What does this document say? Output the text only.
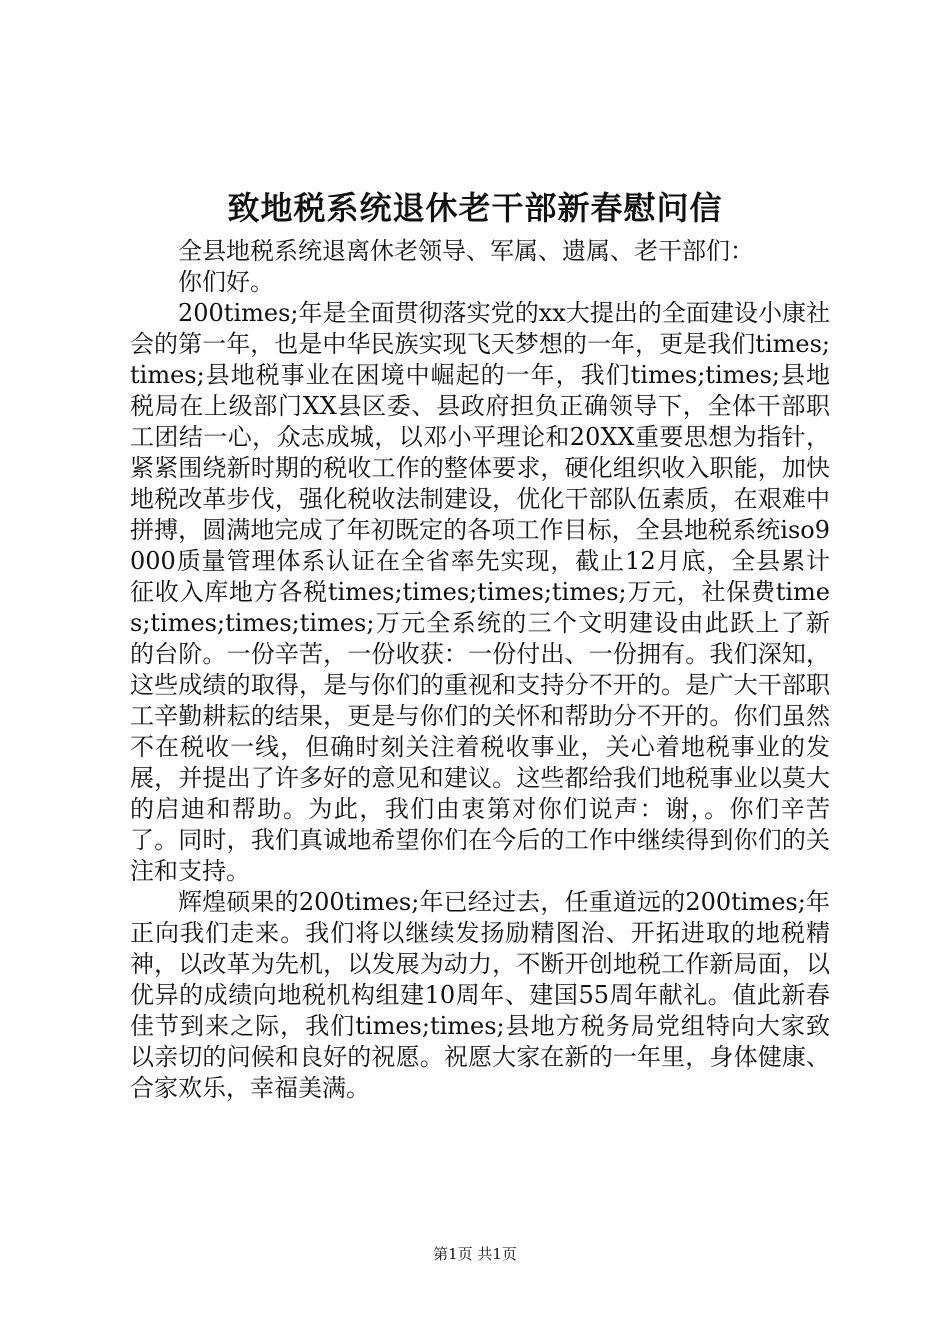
致地税系统退休老干部新春慰问信

全县地税系统退离休老领导、军属、遗属、老干部们：

你们好。

200times;年是全面贯彻落实党的xx大提出的全面建设小康社会的第一年，也是中华民族实现飞天梦想的一年，更是我们times;times;县地税事业在困境中崛起的一年，我们times;times;县地税局在上级部门XX县区委、县政府担负正确领导下，全体干部职工团结一心，众志成城，以邓小平理论和20XX重要思想为指针，紧紧围绕新时期的税收工作的整体要求，硬化组织收入职能，加快地税改革步伐，强化税收法制建设，优化干部队伍素质，在艰难中拼搏，圆满地完成了年初既定的各项工作目标，全县地税系统iso9000质量管理体系认证在全省率先实现，截止12月底，全县累计征收入库地方各税times;times;times;times;万元，社保费times;times;times;times;万元全系统的三个文明建设由此跃上了新的台阶。一份辛苦，一份收获：一份付出、一份拥有。我们深知，这些成绩的取得，是与你们的重视和支持分不开的。是广大干部职工辛勤耕耘的结果，更是与你们的关怀和帮助分不开的。你们虽然不在税收一线，但确时刻关注着税收事业，关心着地税事业的发展，并提出了许多好的意见和建议。这些都给我们地税事业以莫大的启迪和帮助。为此，我们由衷第对你们说声：谢，。你们辛苦了。同时，我们真诚地希望你们在今后的工作中继续得到你们的关注和支持。

辉煌硕果的200times;年已经过去，任重道远的200times;年正向我们走来。我们将以继续发扬励精图治、开拓进取的地税精神，以改革为先机，以发展为动力，不断开创地税工作新局面，以优异的成绩向地税机构组建10周年、建国55周年献礼。值此新春佳节到来之际，我们times;times;县地方税务局党组特向大家致以亲切的问候和良好的祝愿。祝愿大家在新的一年里，身体健康、合家欢乐，幸福美满。

第1页 共1页
